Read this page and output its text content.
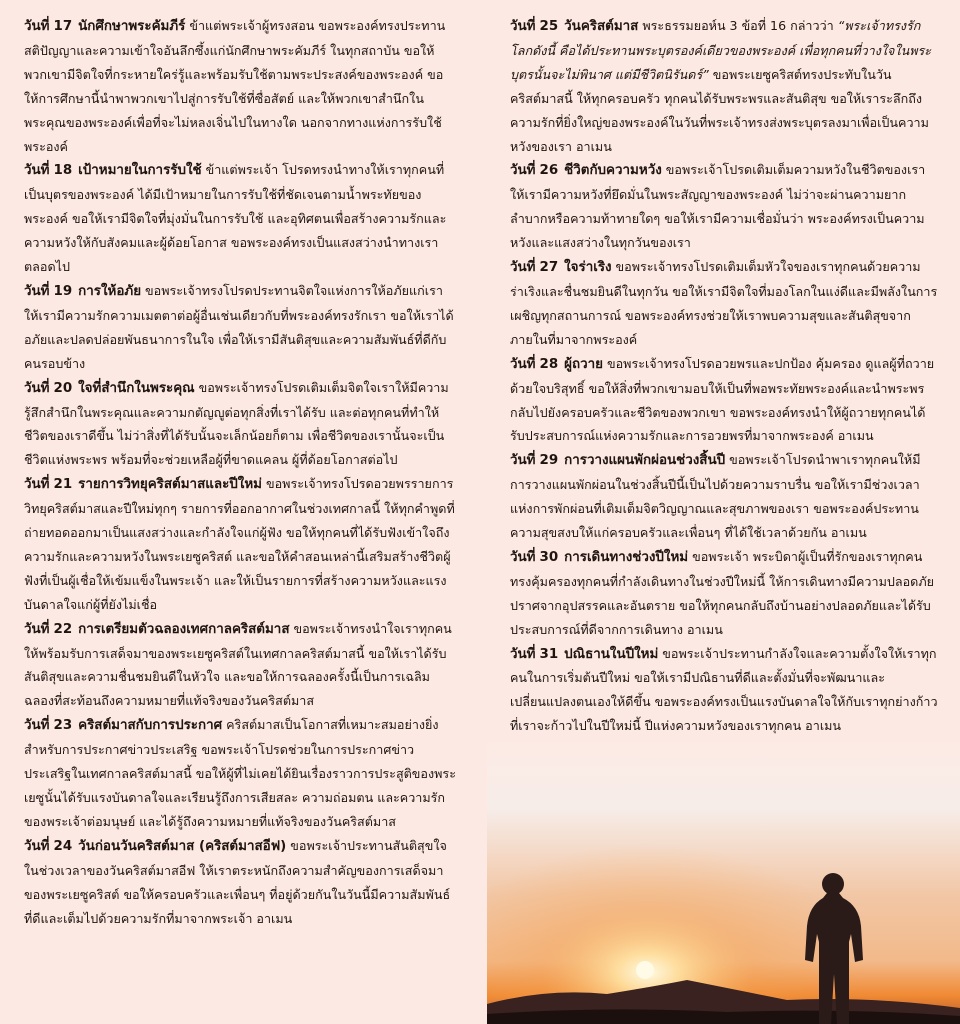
วันที่ 17 นักศึกษาพระคัมภีร์ ข้าแต่พระเจ้าผู้ทรงสอน ขอพระองค์ทรงประทานสติปัญญาและความเข้าใจอันลึกซึ้งแก่นักศึกษาพระคัมภีร์ ในทุกสถาบัน ขอให้พวกเขามีจิตใจที่กระหายใคร่รู้และพร้อมรับใช้ตามพระประสงค์ของพระองค์ ขอให้การศึกษานี้นำพาพวกเขาไปสู่การรับใช้ที่ซื่อสัตย์ และให้พวกเขาสำนึกในพระคุณของพระองค์เพื่อที่จะไม่หลงเจิ่นไปในทางใด นอกจากทางแห่งการรับใช้พระองค์

วันที่ 18 เป้าหมายในการรับใช้ ข้าแต่พระเจ้า โปรดทรงนำทางให้เราทุกคนที่เป็นบุตรของพระองค์ ได้มีเป้าหมายในการรับใช้ที่ชัดเจนตามน้ำพระทัยของพระองค์ ขอให้เรามีจิตใจที่มุ่งมั่นในการรับใช้ และอุทิศตนเพื่อสร้างความรักและความหวังให้กับสังคมและผู้ด้อยโอกาส ขอพระองค์ทรงเป็นแสงสว่างนำทางเราตลอดไป

วันที่ 19 การให้อภัย ขอพระเจ้าทรงโปรดประทานจิตใจแห่งการให้อภัยแก่เรา ให้เรามีความรักความเมตตาต่อผู้อื่นเช่นเดียวกับที่พระองค์ทรงรักเรา ขอให้เราได้อภัยและปลดปล่อยพันธนาการในใจ เพื่อให้เรามีสันติสุขและความสัมพันธ์ที่ดีกับคนรอบข้าง

วันที่ 20 ใจที่สำนึกในพระคุณ ขอพระเจ้าทรงโปรดเติมเต็มจิตใจเราให้มีความรู้สึกสำนึกในพระคุณและความกตัญญูต่อทุกสิ่งที่เราได้รับ และต่อทุกคนที่ทำให้ชีวิตของเราดีขึ้น ไม่ว่าสิ่งที่ได้รับนั้นจะเล็กน้อยก็ตาม เพื่อชีวิตของเรานั้นจะเป็นชีวิตแห่งพระพร พร้อมที่จะช่วยเหลือผู้ที่ขาดแคลน ผู้ที่ด้อยโอกาสต่อไป

วันที่ 21 รายการวิทยุคริสต์มาสและปีใหม่ ขอพระเจ้าทรงโปรดอวยพรรายการวิทยุคริสต์มาสและปีใหม่ทุกๆ รายการที่ออกอากาศในช่วงเทศกาลนี้ ให้ทุกคำพูดที่ถ่ายทอดออกมาเป็นแสงสว่างและกำลังใจแก่ผู้ฟัง ขอให้ทุกคนที่ได้รับฟังเข้าใจถึงความรักและความหวังในพระเยซูคริสต์ และขอให้คำสอนเหล่านี้เสริมสร้างชีวิตผู้ฟังที่เป็นผู้เชื่อให้เข้มแข็งในพระเจ้า และให้เป็นรายการที่สร้างความหวังและแรงบันดาลใจแก่ผู้ที่ยังไม่เชื่อ

วันที่ 22 การเตรียมตัวฉลองเทศกาลคริสต์มาส ขอพระเจ้าทรงนำใจเราทุกคนให้พร้อมรับการเสด็จมาของพระเยซูคริสต์ในเทศกาลคริสต์มาสนี้ ขอให้เราได้รับสันติสุขและความชื่นชมยินดีในหัวใจ และขอให้การฉลองครั้งนี้เป็นการเฉลิมฉลองที่สะท้อนถึงความหมายที่แท้จริงของวันคริสต์มาส

วันที่ 23 คริสต์มาสกับการประกาศ คริสต์มาสเป็นโอกาสที่เหมาะสมอย่างยิ่งสำหรับการประกาศข่าวประเสริฐ ขอพระเจ้าโปรดช่วยในการประกาศข่าวประเสริฐในเทศกาลคริสต์มาสนี้ ขอให้ผู้ที่ไม่เคยได้ยินเรื่องราวการประสูติของพระเยซูนั้นได้รับแรงบันดาลใจและเรียนรู้ถึงการเสียสละ ความถ่อมตน และความรักของพระเจ้าต่อมนุษย์ และได้รู้ถึงความหมายที่แท้จริงของวันคริสต์มาส

วันที่ 24 วันก่อนวันคริสต์มาส (คริสต์มาสอีฟ) ขอพระเจ้าประทานสันติสุขใจในช่วงเวลาของวันคริสต์มาสอีฟ ให้เราตระหนักถึงความสำคัญของการเสด็จมาของพระเยซูคริสต์ ขอให้ครอบครัวและเพื่อนๆ ที่อยู่ด้วยกันในวันนี้มีความสัมพันธ์ที่ดีและเต็มไปด้วยความรักที่มาจากพระเจ้า อาเมน

วันที่ 25 วันคริสต์มาส พระธรรมยอห์น 3 ข้อที่ 16 กล่าวว่า “พระเจ้าทรงรักโลกดังนี้ คือได้ประทานพระบุตรองค์เดียวของพระองค์ เพื่อทุกคนที่วางใจในพระบุตรนั้นจะไม่พินาศ แต่มีชีวิตนิรันดร์” ขอพระเยซูคริสต์ทรงประทับในวันคริสต์มาสนี้ ให้ทุกครอบครัว ทุกคนได้รับพระพรและสันติสุข ขอให้เราระลึกถึงความรักที่ยิ่งใหญ่ของพระองค์ในวันที่พระเจ้าทรงส่งพระบุตรลงมาเพื่อเป็นความหวังของเรา อาเมน

วันที่ 26 ชีวิตกับความหวัง ขอพระเจ้าโปรดเติมเต็มความหวังในชีวิตของเรา ให้เรามีความหวังที่ยึดมั่นในพระสัญญาของพระองค์ ไม่ว่าจะผ่านความยากลำบากหรือความท้าทายใดๆ ขอให้เรามีความเชื่อมั่นว่า พระองค์ทรงเป็นความหวังและแสงสว่างในทุกวันของเรา

วันที่ 27 ใจร่าเริง ขอพระเจ้าทรงโปรดเติมเต็มหัวใจของเราทุกคนด้วยความร่าเริงและชื่นชมยินดีในทุกวัน ขอให้เรามีจิตใจที่มองโลกในแง่ดีและมีพลังในการเผชิญทุกสถานการณ์ ขอพระองค์ทรงช่วยให้เราพบความสุขและสันติสุขจากภายในที่มาจากพระองค์

วันที่ 28 ผู้ถวาย ขอพระเจ้าทรงโปรดอวยพรและปกป้อง คุ้มครอง ดูแลผู้ที่ถวายด้วยใจบริสุทธิ์ ขอให้สิ่งที่พวกเขามอบให้เป็นที่พอพระทัยพระองค์และนำพระพรกลับไปยังครอบครัวและชีวิตของพวกเขา ขอพระองค์ทรงนำให้ผู้ถวายทุกคนได้รับประสบการณ์แห่งความรักและการอวยพรที่มาจากพระองค์ อาเมน

วันที่ 29 การวางแผนพักผ่อนช่วงสิ้นปี ขอพระเจ้าโปรดนำพาเราทุกคนให้มีการวางแผนพักผ่อนในช่วงสิ้นปีนี้เป็นไปด้วยความราบรื่น ขอให้เรามีช่วงเวลาแห่งการพักผ่อนที่เติมเต็มจิตวิญญาณและสุขภาพของเรา ขอพระองค์ประทานความสุขสงบให้แก่ครอบครัวและเพื่อนๆ ที่ได้ใช้เวลาด้วยกัน อาเมน

วันที่ 30 การเดินทางช่วงปีใหม่ ขอพระเจ้า พระบิดาผู้เป็นที่รักของเราทุกคน ทรงคุ้มครองทุกคนที่กำลังเดินทางในช่วงปีใหม่นี้ ให้การเดินทางมีความปลอดภัย ปราศจากอุปสรรคและอันตราย ขอให้ทุกคนกลับถึงบ้านอย่างปลอดภัยและได้รับประสบการณ์ที่ดีจากการเดินทาง อาเมน

วันที่ 31 ปณิธานในปีใหม่ ขอพระเจ้าประทานกำลังใจและความตั้งใจให้เราทุกคนในการเริ่มต้นปีใหม่ ขอให้เรามีปณิธานที่ดีและตั้งมั่นที่จะพัฒนาและเปลี่ยนแปลงตนเองให้ดีขึ้น ขอพระองค์ทรงเป็นแรงบันดาลใจให้กับเราทุกย่างก้าวที่เราจะก้าวไปในปีใหม่นี้ ปีแห่งความหวังของเราทุกคน อาเมน
